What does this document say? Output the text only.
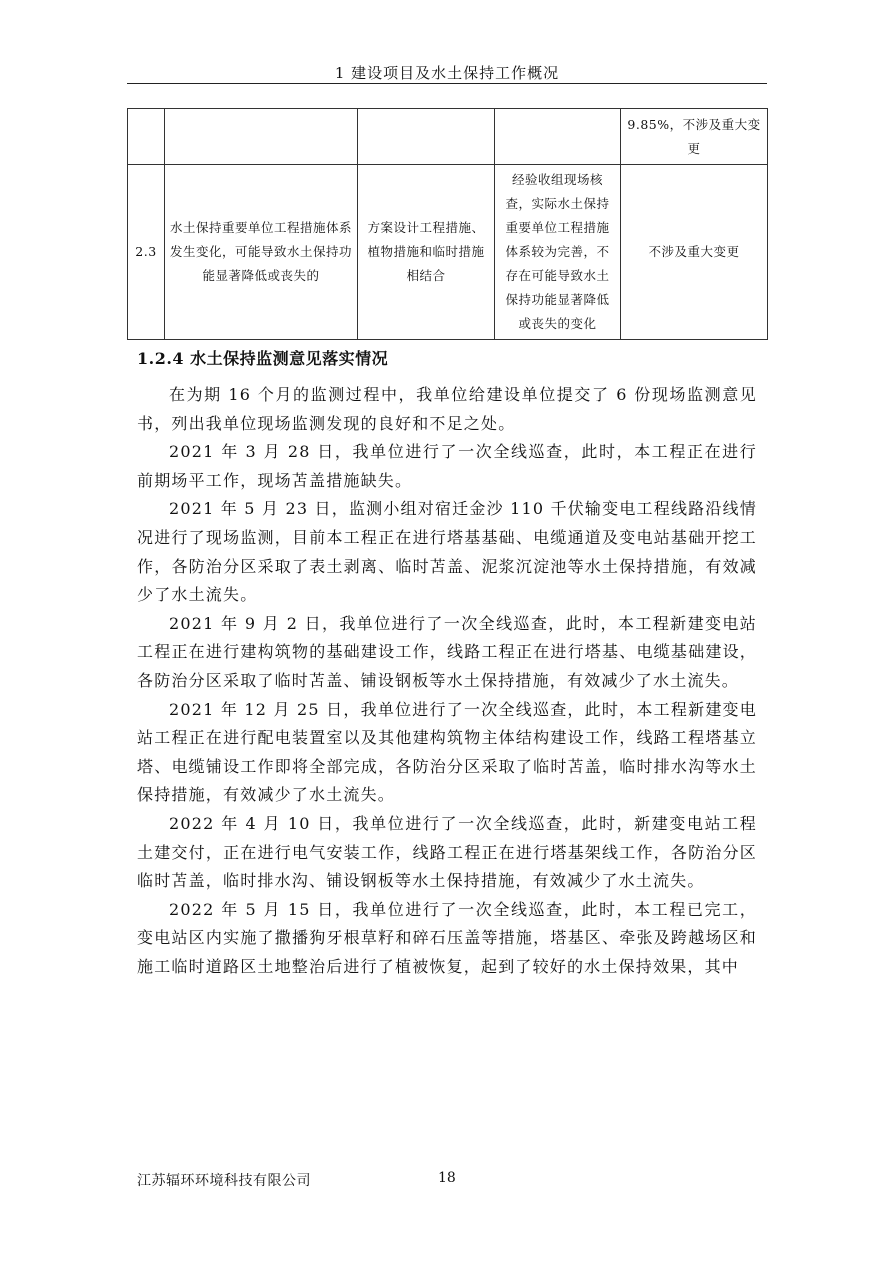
1 建设项目及水土保持工作概况
				9.85%，不涉及重大变更
2.3	水土保持重要单位工程措施体系发生变化，可能导致水土保持功能显著降低或丧失的	方案设计工程措施、植物措施和临时措施相结合	经验收组现场核查，实际水土保持重要单位工程措施体系较为完善，不存在可能导致水土保持功能显著降低或丧失的变化	不涉及重大变更
1.2.4 水土保持监测意见落实情况

在为期 16 个月的监测过程中，我单位给建设单位提交了 6 份现场监测意见书，列出我单位现场监测发现的良好和不足之处。

2021 年 3 月 28 日，我单位进行了一次全线巡查，此时，本工程正在进行前期场平工作，现场苫盖措施缺失。

2021 年 5 月 23 日，监测小组对宿迁金沙 110 千伏输变电工程线路沿线情况进行了现场监测，目前本工程正在进行塔基基础、电缆通道及变电站基础开挖工作，各防治分区采取了表土剥离、临时苫盖、泥浆沉淀池等水土保持措施，有效减少了水土流失。

2021 年 9 月 2 日，我单位进行了一次全线巡查，此时，本工程新建变电站工程正在进行建构筑物的基础建设工作，线路工程正在进行塔基、电缆基础建设，各防治分区采取了临时苫盖、铺设钢板等水土保持措施，有效减少了水土流失。

2021 年 12 月 25 日，我单位进行了一次全线巡查，此时，本工程新建变电站工程正在进行配电装置室以及其他建构筑物主体结构建设工作，线路工程塔基立塔、电缆铺设工作即将全部完成，各防治分区采取了临时苫盖，临时排水沟等水土保持措施，有效减少了水土流失。

2022 年 4 月 10 日，我单位进行了一次全线巡查，此时，新建变电站工程土建交付，正在进行电气安装工作，线路工程正在进行塔基架线工作，各防治分区临时苫盖，临时排水沟、铺设钢板等水土保持措施，有效减少了水土流失。

2022 年 5 月 15 日，我单位进行了一次全线巡查，此时，本工程已完工，变电站区内实施了撒播狗牙根草籽和碎石压盖等措施，塔基区、牵张及跨越场区和施工临时道路区土地整治后进行了植被恢复，起到了较好的水土保持效果，其中

江苏辐环环境科技有限公司	18
